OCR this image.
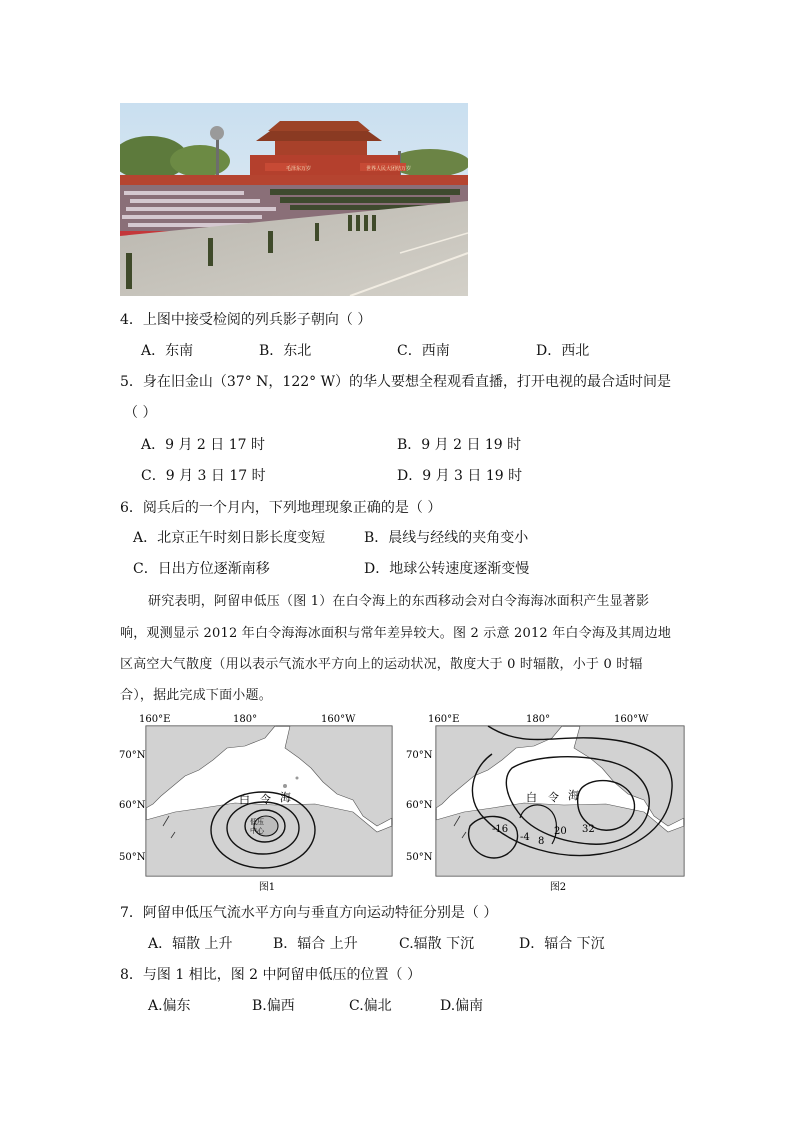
毛泽东万岁	世界人民大团结万岁
4．上图中接受检阅的列兵影子朝向（ ）
A．东南	B．东北	C．西南	D．西北
5．身在旧金山（37° N，122° W）的华人要想全程观看直播，打开电视的最合适时间是
（ ）
A．9 月 2 日 17 时	B．9 月 2 日 19 时
C．9 月 3 日 17 时	D．9 月 3 日 19 时
6．阅兵后的一个月内，下列地理现象正确的是（ ）
A．北京正午时刻日影长度变短	B．晨线与经线的夹角变小
C．日出方位逐渐南移	D．地球公转速度逐渐变慢
研究表明，阿留申低压（图 1）在白令海上的东西移动会对白令海海冰面积产生显著影
响，观测显示 2012 年白令海海冰面积与常年差异较大。图 2 示意 2012 年白令海及其周边地
区高空大气散度（用以表示气流水平方向上的运动状况，散度大于 0 时辐散，小于 0 时辐
合），据此完成下面小题。
160°E	180°	160°W
70°N
60°N
50°N
低压
中心
白 令 海
图1
160°E	180°	160°W
70°N
60°N
50°N
-16
-4 8
20 32
白 令 海
图2
7．阿留申低压气流水平方向与垂直方向运动特征分别是（ ）
A．辐散 上升	B．辐合 上升	C.辐散 下沉	D．辐合 下沉
8．与图 1 相比，图 2 中阿留申低压的位置（ ）
A.偏东	B.偏西	C.偏北	D.偏南
